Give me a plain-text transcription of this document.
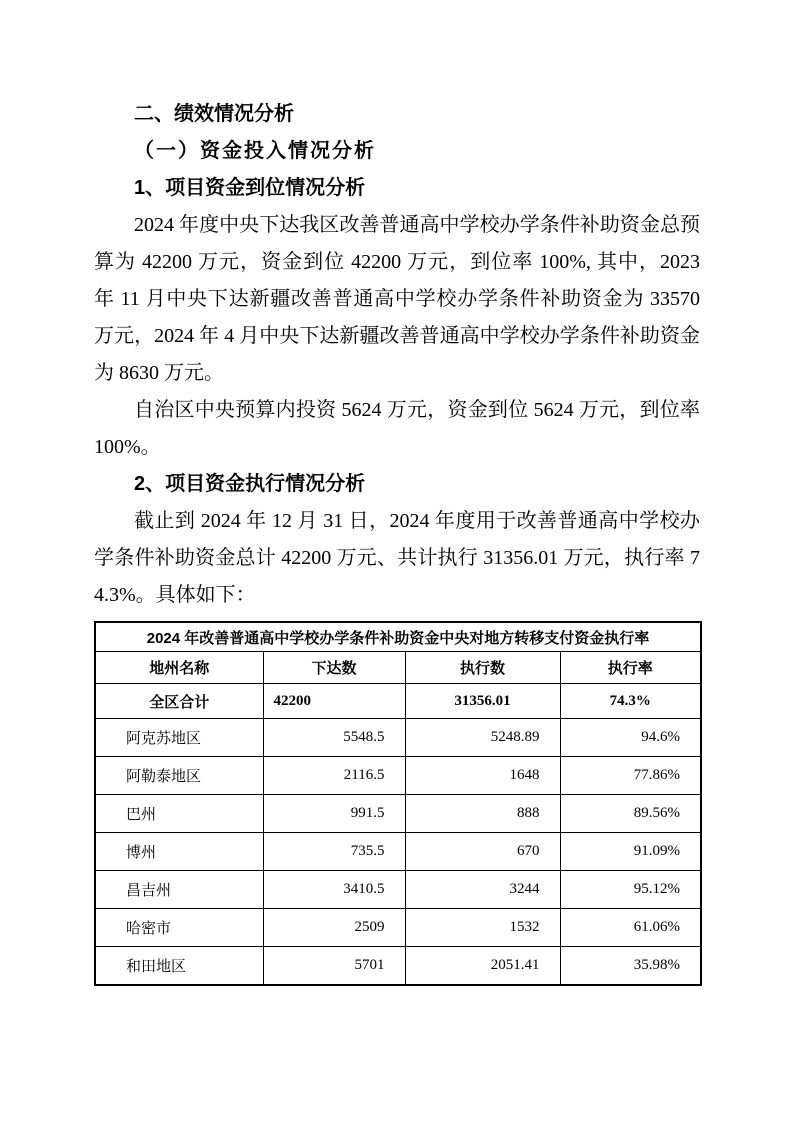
二、绩效情况分析
（一）资金投入情况分析
1、项目资金到位情况分析

2024 年度中央下达我区改善普通高中学校办学条件补助资金总预算为 42200 万元，资金到位 42200 万元，到位率 100%, 其中，2023 年 11 月中央下达新疆改善普通高中学校办学条件补助资金为 33570 万元，2024 年 4 月中央下达新疆改善普通高中学校办学条件补助资金为 8630 万元。

自治区中央预算内投资 5624 万元，资金到位 5624 万元，到位率 100%。

2、项目资金执行情况分析

截止到 2024 年 12 月 31 日，2024 年度用于改善普通高中学校办学条件补助资金总计 42200 万元、共计执行 31356.01 万元，执行率 74.3%。具体如下：

2024 年改善普通高中学校办学条件补助资金中央对地方转移支付资金执行率			
地州名称	下达数	执行数	执行率
全区合计	42200	31356.01	74.3%
阿克苏地区	5548.5	5248.89	94.6%
阿勒泰地区	2116.5	1648	77.86%
巴州	991.5	888	89.56%
博州	735.5	670	91.09%
昌吉州	3410.5	3244	95.12%
哈密市	2509	1532	61.06%
和田地区	5701	2051.41	35.98%
